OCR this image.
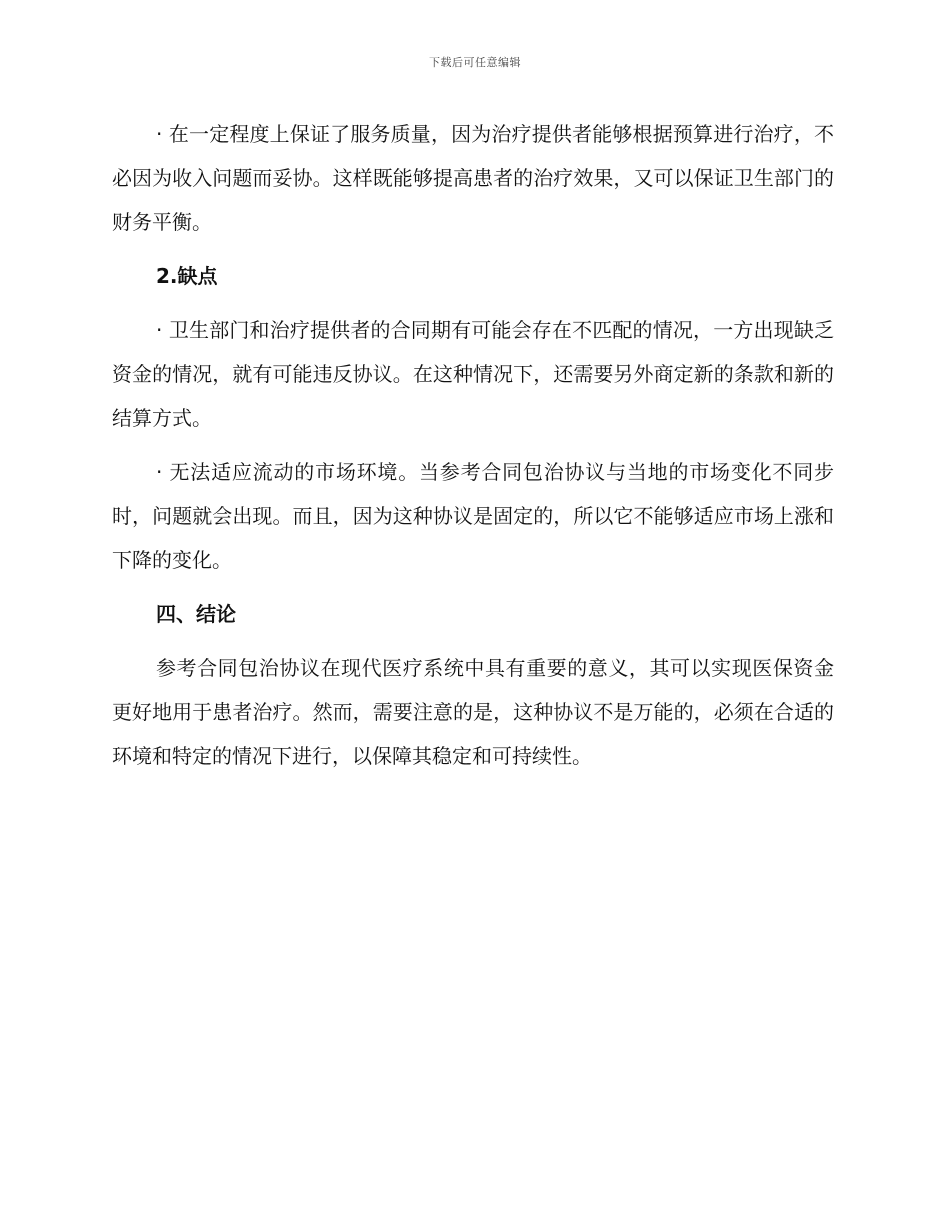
下载后可任意编辑

· 在一定程度上保证了服务质量，因为治疗提供者能够根据预算进行治疗，不必因为收入问题而妥协。这样既能够提高患者的治疗效果，又可以保证卫生部门的财务平衡。

2.缺点

· 卫生部门和治疗提供者的合同期有可能会存在不匹配的情况，一方出现缺乏资金的情况，就有可能违反协议。在这种情况下，还需要另外商定新的条款和新的结算方式。

· 无法适应流动的市场环境。当参考合同包治协议与当地的市场变化不同步时，问题就会出现。而且，因为这种协议是固定的，所以它不能够适应市场上涨和下降的变化。

四、结论

参考合同包治协议在现代医疗系统中具有重要的意义，其可以实现医保资金更好地用于患者治疗。然而，需要注意的是，这种协议不是万能的，必须在合适的环境和特定的情况下进行，以保障其稳定和可持续性。
